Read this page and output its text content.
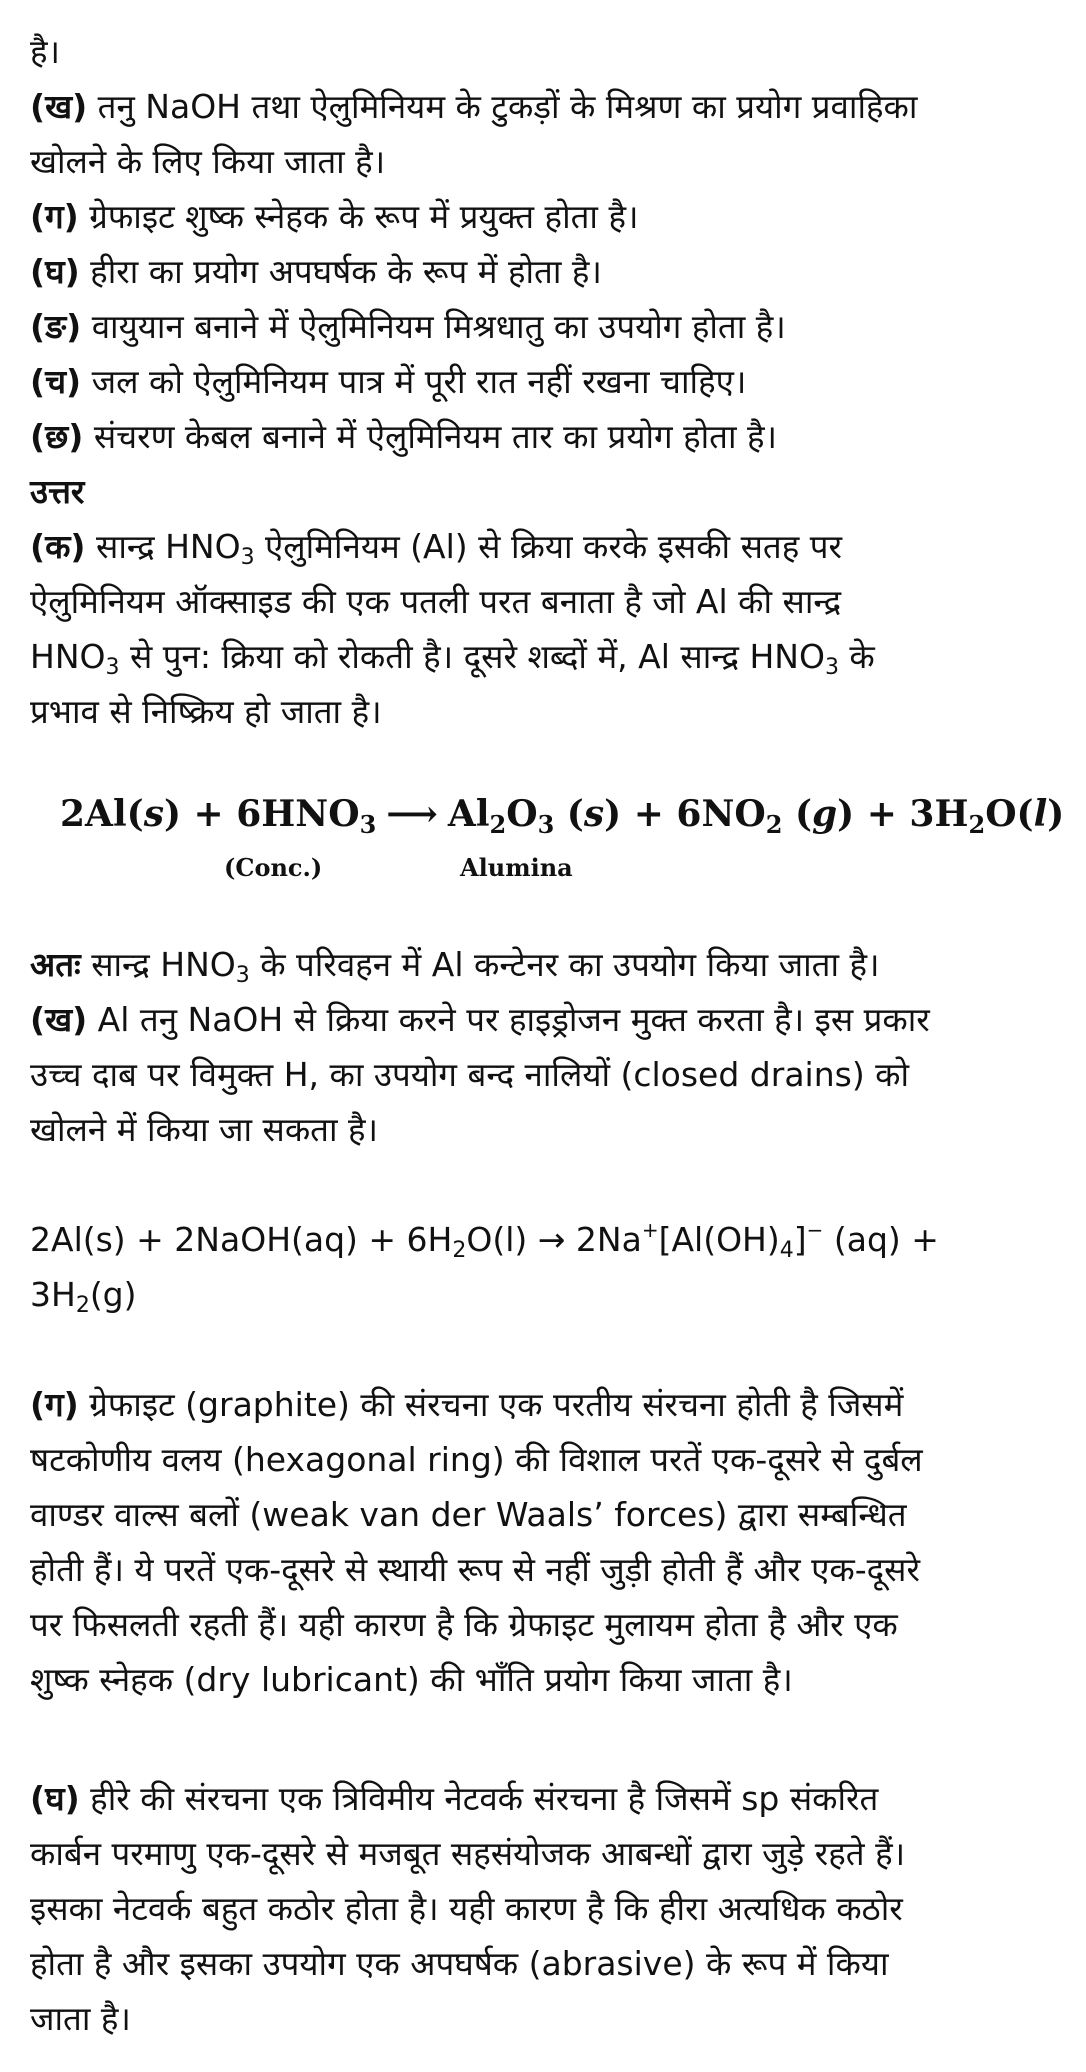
है।
(ख) तनु NaOH तथा ऐलुमिनियम के टुकड़ों के मिश्रण का प्रयोग प्रवाहिका
खोलने के लिए किया जाता है।
(ग) ग्रेफाइट शुष्क स्नेहक के रूप में प्रयुक्त होता है।
(घ) हीरा का प्रयोग अपघर्षक के रूप में होता है।
(ङ) वायुयान बनाने में ऐलुमिनियम मिश्रधातु का उपयोग होता है।
(च) जल को ऐलुमिनियम पात्र में पूरी रात नहीं रखना चाहिए।
(छ) संचरण केबल बनाने में ऐलुमिनियम तार का प्रयोग होता है।
उत्तर
(क) सान्द्र $HNO_3$ ऐलुमिनियम (Al) से क्रिया करके इसकी सतह पर
ऐलुमिनियम ऑक्साइड की एक पतली परत बनाता है जो Al की सान्द्र
$HNO_3$ से पुन: क्रिया को रोकती है। दूसरे शब्दों में, Al सान्द्र $HNO_3$ के
प्रभाव से निष्क्रिय हो जाता है।
$2Al(s) + 6HNO_3$ ⟶ $Al_2O_3$ $(s) + 6NO_2$ $(g) + 3H_2O(l)$
(Conc.)	Alumina
अतः सान्द्र $HNO_3$ के परिवहन में Al कन्टेनर का उपयोग किया जाता है।
(ख) Al तनु NaOH से क्रिया करने पर हाइड्रोजन मुक्त करता है। इस प्रकार
उच्च दाब पर विमुक्त H, का उपयोग बन्द नालियों (closed drains) को
खोलने में किया जा सकता है।
2Al(s) + 2NaOH(aq) + $6H_2O(l) \to 2Na^+[Al(OH)_4]^-$ (aq) +
$3H_2(g)$
(ग) ग्रेफाइट (graphite) की संरचना एक परतीय संरचना होती है जिसमें
षटकोणीय वलय (hexagonal ring) की विशाल परतें एक-दूसरे से दुर्बल
वाण्डर वाल्स बलों (weak van der Waals’ forces) द्वारा सम्बन्धित
होती हैं। ये परतें एक-दूसरे से स्थायी रूप से नहीं जुड़ी होती हैं और एक-दूसरे
पर फिसलती रहती हैं। यही कारण है कि ग्रेफाइट मुलायम होता है और एक
शुष्क स्नेहक (dry lubricant) की भाँति प्रयोग किया जाता है।
(घ) हीरे की संरचना एक त्रिविमीय नेटवर्क संरचना है जिसमें sp संकरित
कार्बन परमाणु एक-दूसरे से मजबूत सहसंयोजक आबन्धों द्वारा जुड़े रहते हैं।
इसका नेटवर्क बहुत कठोर होता है। यही कारण है कि हीरा अत्यधिक कठोर
होता है और इसका उपयोग एक अपघर्षक (abrasive) के रूप में किया
जाता है।
